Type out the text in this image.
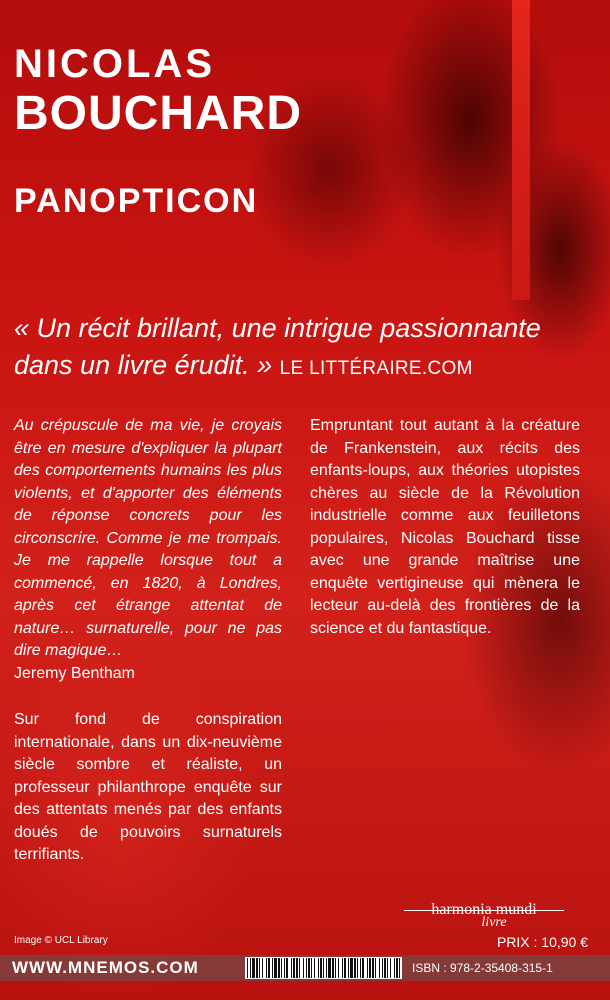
NICOLAS
BOUCHARD
PANOPTICON

« Un récit brillant, une intrigue passionnante dans un livre érudit. » LE LITTÉRAIRE.COM

Au crépuscule de ma vie, je croyais être en mesure d'expliquer la plupart des comportements humains les plus violents, et d'apporter des éléments de réponse concrets pour les circonscrire. Comme je me trompais. Je me rappelle lorsque tout a commencé, en 1820, à Londres, après cet étrange attentat de nature… surnaturelle, pour ne pas dire magique…
Jeremy Bentham

Sur fond de conspiration internationale, dans un dix-neuvième siècle sombre et réaliste, un professeur philanthrope enquête sur des attentats menés par des enfants doués de pouvoirs surnaturels terrifiants.

Empruntant tout autant à la créature de Frankenstein, aux récits des enfants-loups, aux théories utopistes chères au siècle de la Révolution industrielle comme aux feuilletons populaires, Nicolas Bouchard tisse avec une grande maîtrise une enquête vertigineuse qui mènera le lecteur au-delà des frontières de la science et du fantastique.

harmonia mundi
livre
Image © UCL Library	PRIX : 10,90 €
WWW.MNEMOS.COM	ISBN : 978-2-35408-315-1
